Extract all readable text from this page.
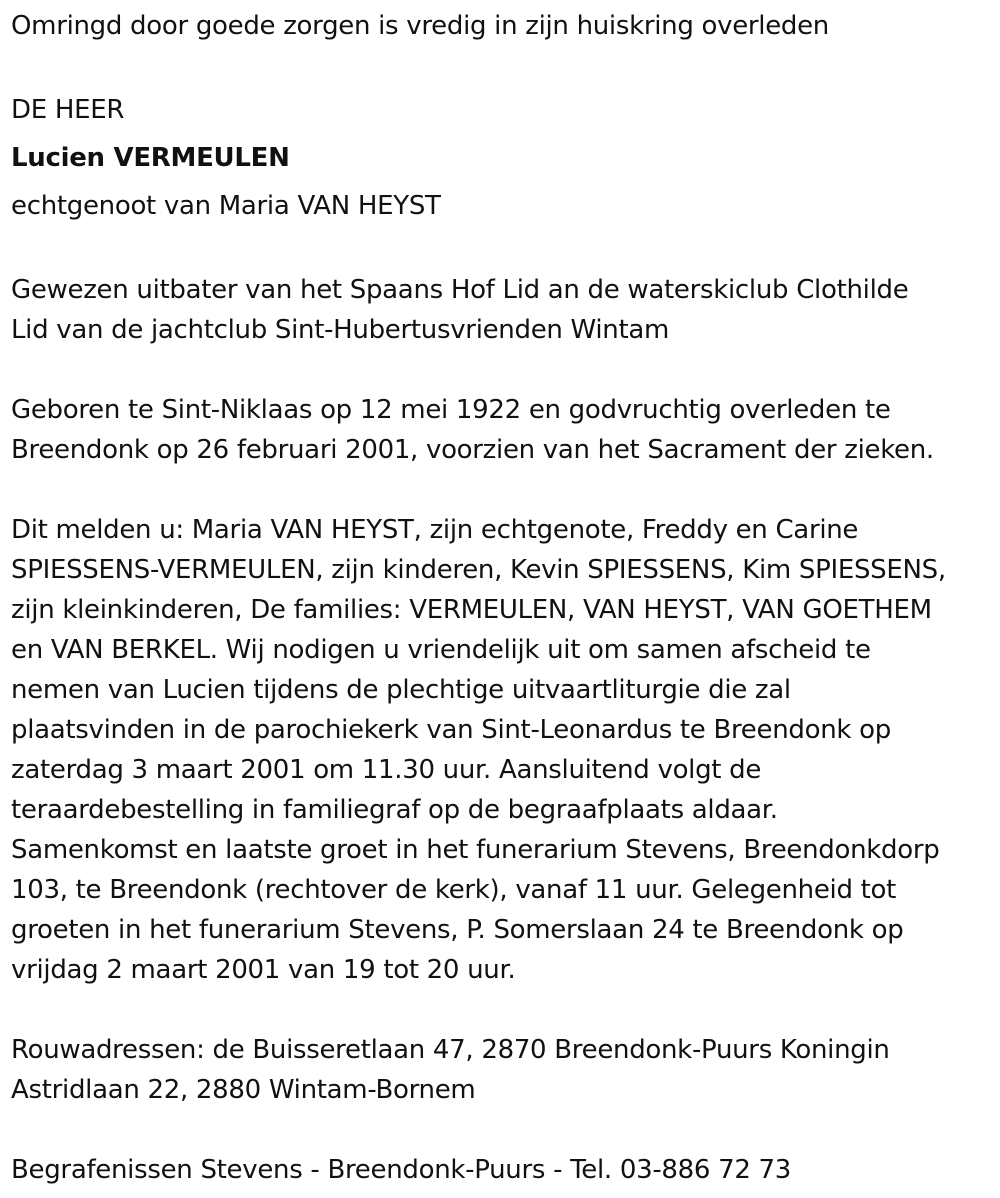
Omringd door goede zorgen is vredig in zijn huiskring overleden

DE HEER
Lucien VERMEULEN
echtgenoot van Maria VAN HEYST

Gewezen uitbater van het Spaans Hof Lid an de waterskiclub Clothilde
Lid van de jachtclub Sint-Hubertusvrienden Wintam

Geboren te Sint-Niklaas op 12 mei 1922 en godvruchtig overleden te
Breendonk op 26 februari 2001, voorzien van het Sacrament der zieken.

Dit melden u: Maria VAN HEYST, zijn echtgenote, Freddy en Carine
SPIESSENS-VERMEULEN, zijn kinderen, Kevin SPIESSENS, Kim SPIESSENS,
zijn kleinkinderen, De families: VERMEULEN, VAN HEYST, VAN GOETHEM
en VAN BERKEL. Wij nodigen u vriendelijk uit om samen afscheid te
nemen van Lucien tijdens de plechtige uitvaartliturgie die zal
plaatsvinden in de parochiekerk van Sint-Leonardus te Breendonk op
zaterdag 3 maart 2001 om 11.30 uur. Aansluitend volgt de
teraardebestelling in familiegraf op de begraafplaats aldaar.
Samenkomst en laatste groet in het funerarium Stevens, Breendonkdorp
103, te Breendonk (rechtover de kerk), vanaf 11 uur. Gelegenheid tot
groeten in het funerarium Stevens, P. Somerslaan 24 te Breendonk op
vrijdag 2 maart 2001 van 19 tot 20 uur.

Rouwadressen: de Buisseretlaan 47, 2870 Breendonk-Puurs Koningin
Astridlaan 22, 2880 Wintam-Bornem

Begrafenissen Stevens - Breendonk-Puurs - Tel. 03-886 72 73
